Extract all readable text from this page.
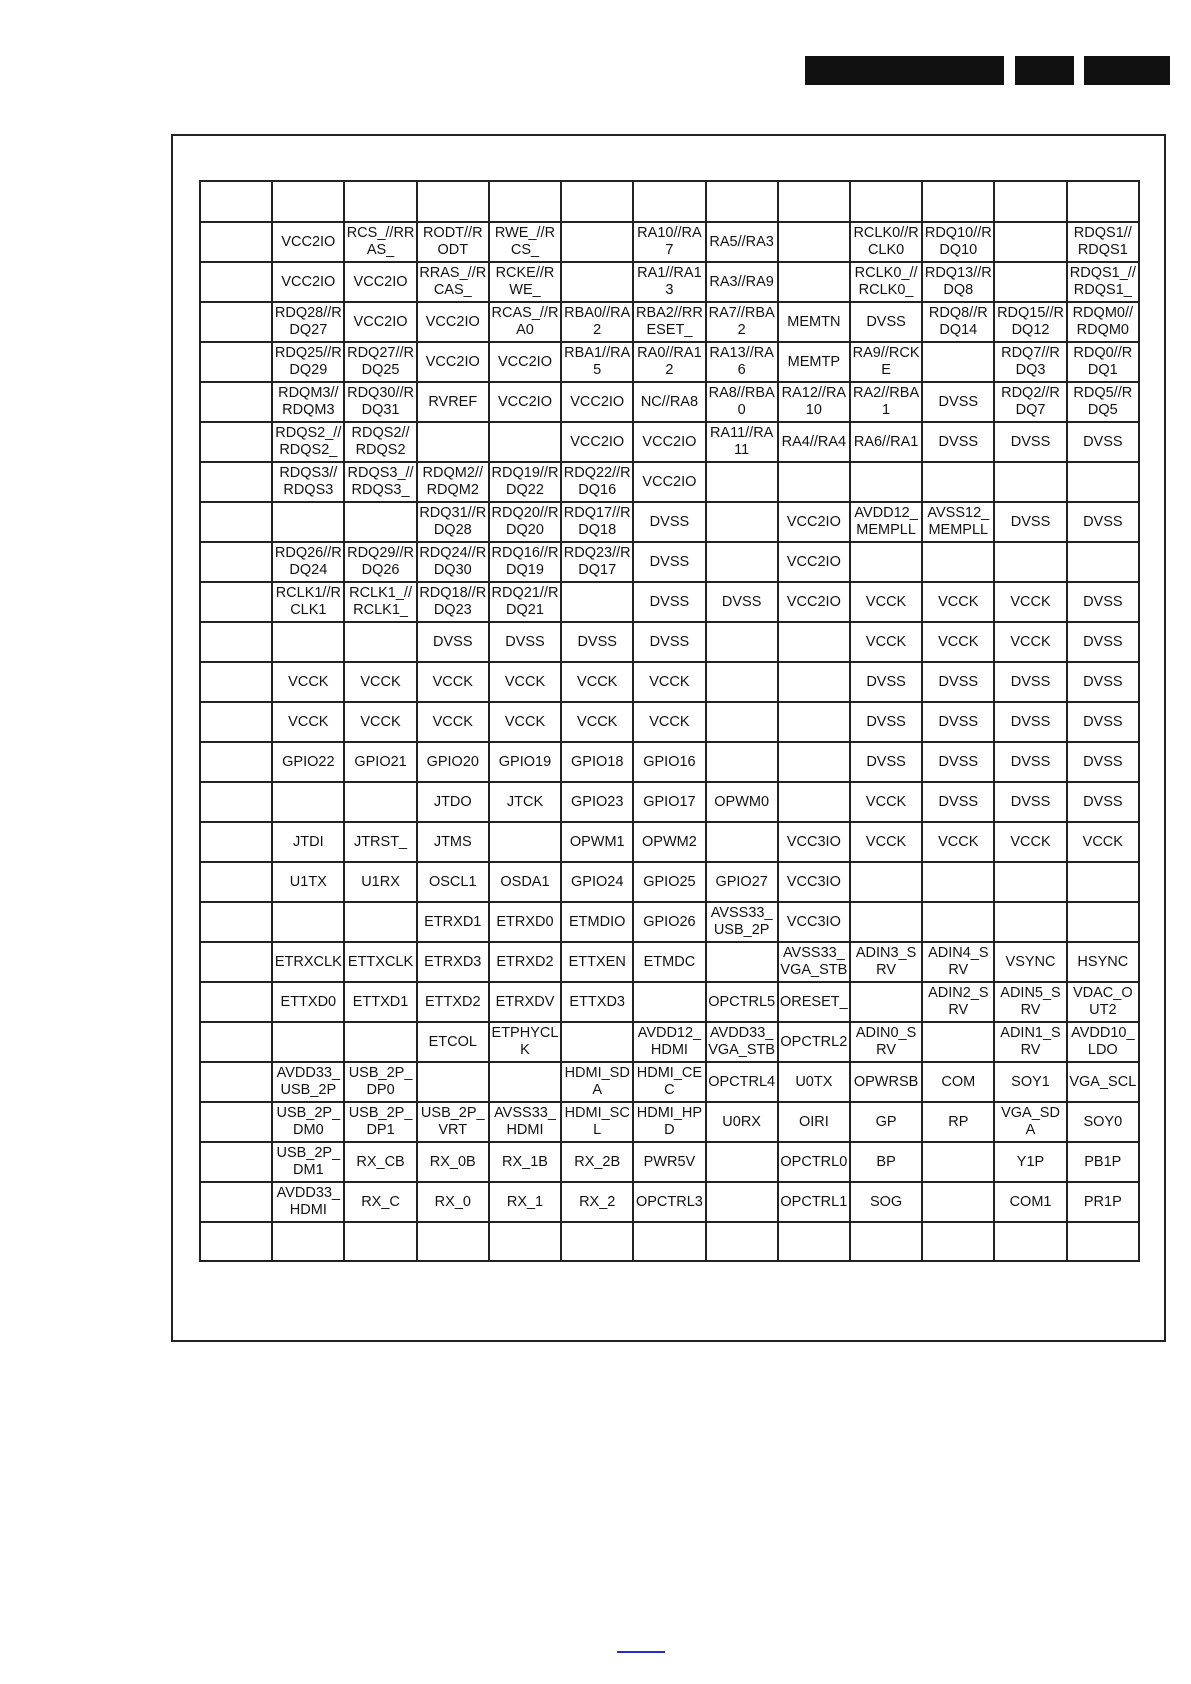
	VCC2IO	RCS_//RRAS_	RODT//RODT	RWE_//RCS_		RA10//RA7	RA5//RA3		RCLK0//RCLK0	RDQ10//RDQ10		RDQS1//RDQS1
	VCC2IO	VCC2IO	RRAS_//RCAS_	RCKE//RWE_		RA1//RA13	RA3//RA9		RCLK0_//RCLK0_	RDQ13//RDQ8		RDQS1_//RDQS1_
	RDQ28//RDQ27	VCC2IO	VCC2IO	RCAS_//RA0	RBA0//RA2	RBA2//RRESET_	RA7//RBA2	MEMTN	DVSS	RDQ8//RDQ14	RDQ15//RDQ12	RDQM0//RDQM0
	RDQ25//RDQ29	RDQ27//RDQ25	VCC2IO	VCC2IO	RBA1//RA5	RA0//RA12	RA13//RA6	MEMTP	RA9//RCKE		RDQ7//RDQ3	RDQ0//RDQ1
	RDQM3//RDQM3	RDQ30//RDQ31	RVREF	VCC2IO	VCC2IO	NC//RA8	RA8//RBA0	RA12//RA10	RA2//RBA1	DVSS	RDQ2//RDQ7	RDQ5//RDQ5
	RDQS2_//RDQS2_	RDQS2//RDQS2			VCC2IO	VCC2IO	RA11//RA11	RA4//RA4	RA6//RA1	DVSS	DVSS	DVSS
	RDQS3//RDQS3	RDQS3_//RDQS3_	RDQM2//RDQM2	RDQ19//RDQ22	RDQ22//RDQ16	VCC2IO						
			RDQ31//RDQ28	RDQ20//RDQ20	RDQ17//RDQ18	DVSS		VCC2IO	AVDD12_MEMPLL	AVSS12_MEMPLL	DVSS	DVSS
	RDQ26//RDQ24	RDQ29//RDQ26	RDQ24//RDQ30	RDQ16//RDQ19	RDQ23//RDQ17	DVSS		VCC2IO				
	RCLK1//RCLK1	RCLK1_//RCLK1_	RDQ18//RDQ23	RDQ21//RDQ21		DVSS	DVSS	VCC2IO	VCCK	VCCK	VCCK	DVSS
			DVSS	DVSS	DVSS	DVSS			VCCK	VCCK	VCCK	DVSS
	VCCK	VCCK	VCCK	VCCK	VCCK	VCCK			DVSS	DVSS	DVSS	DVSS
	VCCK	VCCK	VCCK	VCCK	VCCK	VCCK			DVSS	DVSS	DVSS	DVSS
	GPIO22	GPIO21	GPIO20	GPIO19	GPIO18	GPIO16			DVSS	DVSS	DVSS	DVSS
			JTDO	JTCK	GPIO23	GPIO17	OPWM0		VCCK	DVSS	DVSS	DVSS
	JTDI	JTRST_	JTMS		OPWM1	OPWM2		VCC3IO	VCCK	VCCK	VCCK	VCCK
	U1TX	U1RX	OSCL1	OSDA1	GPIO24	GPIO25	GPIO27	VCC3IO				
			ETRXD1	ETRXD0	ETMDIO	GPIO26	AVSS33_USB_2P	VCC3IO				
	ETRXCLK	ETTXCLK	ETRXD3	ETRXD2	ETTXEN	ETMDC		AVSS33_VGA_STB	ADIN3_SRV	ADIN4_SRV	VSYNC	HSYNC
	ETTXD0	ETTXD1	ETTXD2	ETRXDV	ETTXD3		OPCTRL5	ORESET_		ADIN2_SRV	ADIN5_SRV	VDAC_OUT2
			ETCOL	ETPHYCLK		AVDD12_HDMI	AVDD33_VGA_STB	OPCTRL2	ADIN0_SRV		ADIN1_SRV	AVDD10_LDO
	AVDD33_USB_2P	USB_2P_DP0			HDMI_SDA	HDMI_CEC	OPCTRL4	U0TX	OPWRSB	COM	SOY1	VGA_SCL
	USB_2P_DM0	USB_2P_DP1	USB_2P_VRT	AVSS33_HDMI	HDMI_SCL	HDMI_HPD	U0RX	OIRI	GP	RP	VGA_SDA	SOY0
	USB_2P_DM1	RX_CB	RX_0B	RX_1B	RX_2B	PWR5V		OPCTRL0	BP		Y1P	PB1P
	AVDD33_HDMI	RX_C	RX_0	RX_1	RX_2	OPCTRL3		OPCTRL1	SOG		COM1	PR1P
